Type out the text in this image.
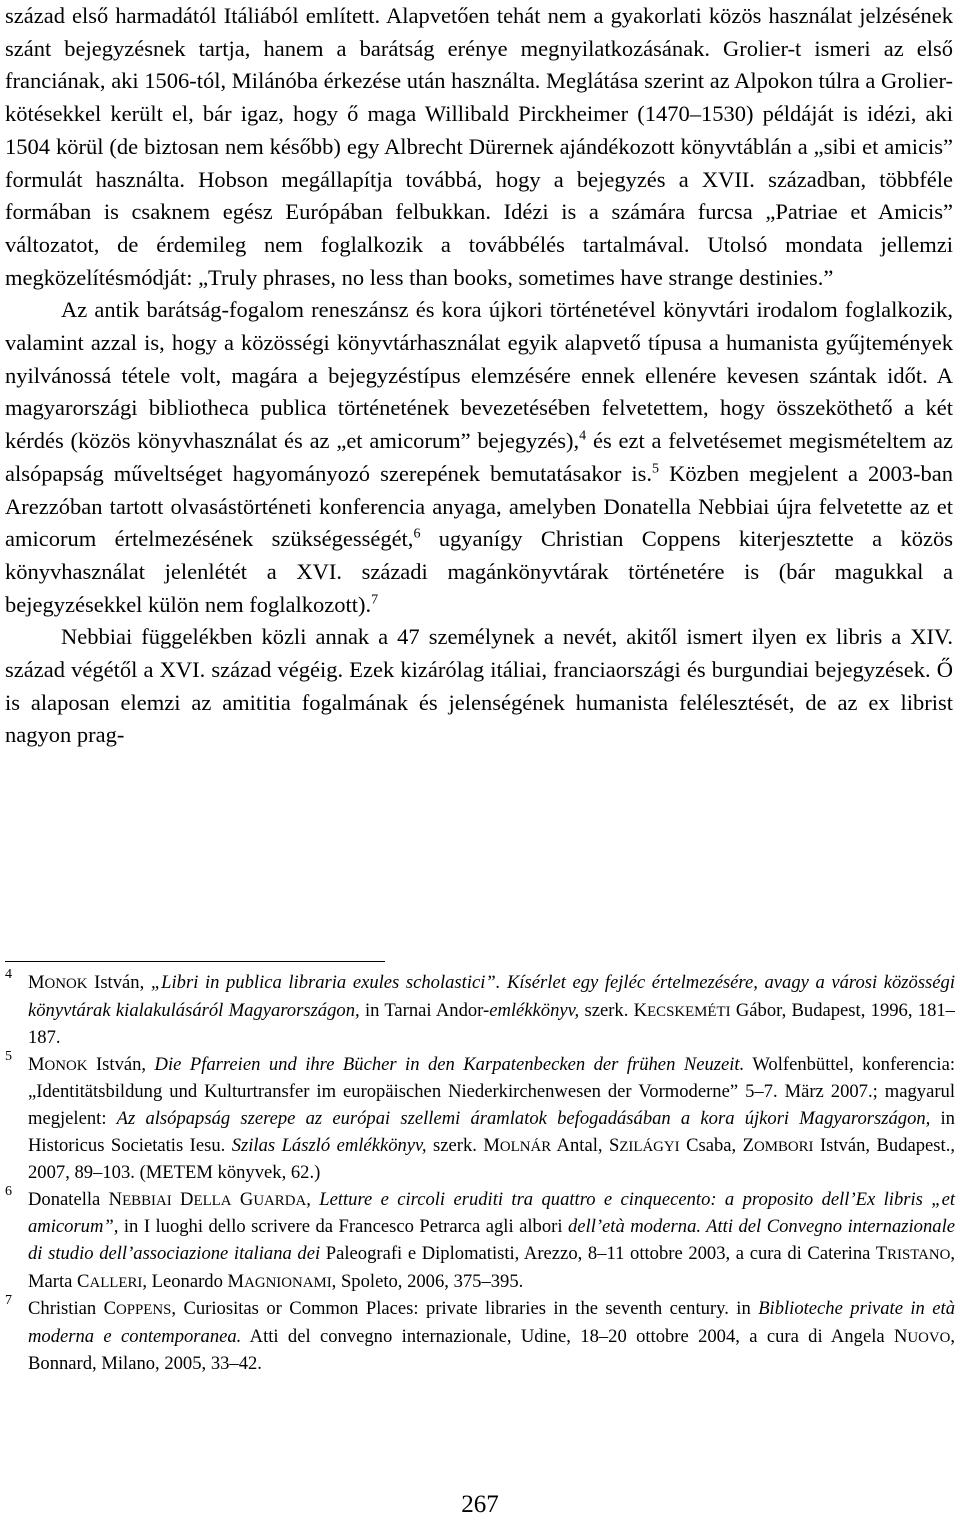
század első harmadától Itáliából említett. Alapvetően tehát nem a gyakorlati közös használat jelzésének szánt bejegyzésnek tartja, hanem a barátság erénye megnyilatkozásának. Grolier-t ismeri az első franciának, aki 1506-tól, Milánóba érkezése után használta. Meglátása szerint az Alpokon túlra a Grolier-kötésekkel került el, bár igaz, hogy ő maga Willibald Pirckheimer (1470–1530) példáját is idézi, aki 1504 körül (de biztosan nem később) egy Albrecht Dürernek ajándékozott könyvtáblán a „sibi et amicis” formulát használta. Hobson megállapítja továbbá, hogy a bejegyzés a XVII. században, többféle formában is csaknem egész Európában felbukkan. Idézi is a számára furcsa „Patriae et Amicis” változatot, de érdemileg nem foglalkozik a továbbélés tartalmával. Utolsó mondata jellemzi megközelítésmódját: „Truly phrases, no less than books, sometimes have strange destinies.”

Az antik barátság-fogalom reneszánsz és kora újkori történetével könyvtári irodalom foglalkozik, valamint azzal is, hogy a közösségi könyvtárhasználat egyik alapvető típusa a humanista gyűjtemények nyilvánossá tétele volt, magára a bejegyzéstípus elemzésére ennek ellenére kevesen szántak időt. A magyarországi bibliotheca publica történetének bevezetésében felvetettem, hogy összeköthető a két kérdés (közös könyvhasználat és az „et amicorum” bejegyzés),$^4$ és ezt a felvetésemet megismételtem az alsópapság műveltséget hagyományozó szerepének bemutatásakor is.$^5$ Közben megjelent a 2003-ban Arezzóban tartott olvasástörténeti konferencia anyaga, amelyben Donatella Nebbiai újra felvetette az et amicorum értelmezésének szükségességét,$^6$ ugyanígy Christian Coppens kiterjesztette a közös könyvhasználat jelenlétét a XVI. századi magánkönyvtárak történetére is (bár magukkal a bejegyzésekkel külön nem foglalkozott).$^7$

Nebbiai függelékben közli annak a 47 személynek a nevét, akitől ismert ilyen ex libris a XIV. század végétől a XVI. század végéig. Ezek kizárólag itáliai, franciaországi és burgundiai bejegyzések. Ő is alaposan elemzi az amititia fogalmának és jelenségének humanista felélesztését, de az ex librist nagyon prag-

4 MONOK István, „Libri in publica libraria exules scholastici”. Kísérlet egy fejléc értelmezésére, avagy a városi közösségi könyvtárak kialakulásáról Magyarországon, in Tarnai Andor-emlékkönyv, szerk. KECSKEMÉTI Gábor, Budapest, 1996, 181–187.
5 MONOK István, Die Pfarreien und ihre Bücher in den Karpatenbecken der frühen Neuzeit. Wolfenbüttel, konferencia: „Identitätsbildung und Kulturtransfer im europäischen Niederkirchenwesen der Vormoderne” 5–7. März 2007.; magyarul megjelent: Az alsópapság szerepe az európai szellemi áramlatok befogadásában a kora újkori Magyarországon, in Historicus Societatis Iesu. Szilas László emlékkönyv, szerk. MOLNÁR Antal, SZILÁGYI Csaba, ZOMBORI István, Budapest., 2007, 89–103. (METEM könyvek, 62.)
6 Donatella NEBBIAI DELLA GUARDA, Letture e circoli eruditi tra quattro e cinquecento: a proposito dell’Ex libris „et amicorum”, in I luoghi dello scrivere da Francesco Petrarca agli albori dell’età moderna. Atti del Convegno internazionale di studio dell’associazione italiana dei Paleografi e Diplomatisti, Arezzo, 8–11 ottobre 2003, a cura di Caterina TRISTANO, Marta CALLERI, Leonardo MAGNIONAMI, Spoleto, 2006, 375–395.
7 Christian COPPENS, Curiositas or Common Places: private libraries in the seventh century. in Biblioteche private in età moderna e contemporanea. Atti del convegno internazionale, Udine, 18–20 ottobre 2004, a cura di Angela NUOVO, Bonnard, Milano, 2005, 33–42.
267
